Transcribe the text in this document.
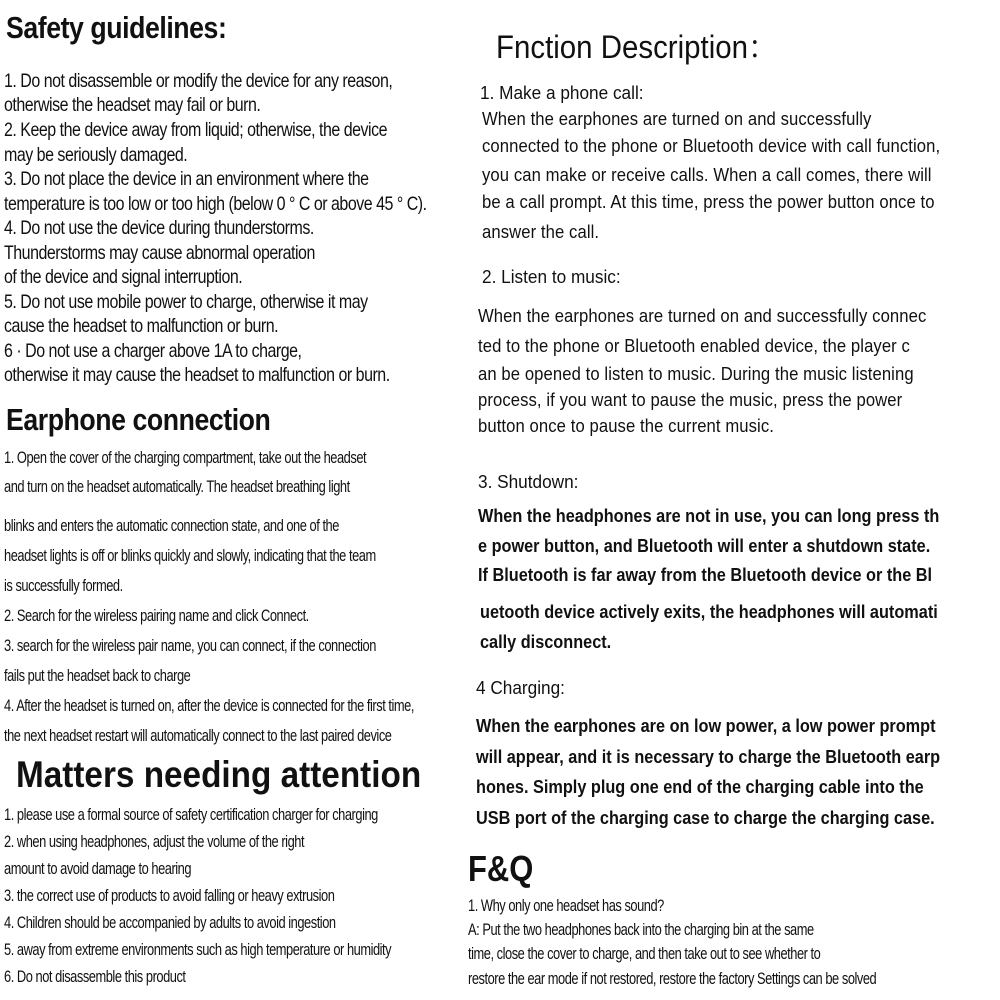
Safety guidelines:
1. Do not disassemble or modify the device for any reason,
otherwise the headset may fail or burn.
2. Keep the device away from liquid; otherwise, the device
may be seriously damaged.
3. Do not place the device in an environment where the
temperature is too low or too high (below 0 ° C or above 45 ° C).
4. Do not use the device during thunderstorms.
Thunderstorms may cause abnormal operation
of the device and signal interruption.
5. Do not use mobile power to charge, otherwise it may
cause the headset to malfunction or burn.
6 · Do not use a charger above 1A to charge,
otherwise it may cause the headset to malfunction or burn.
Earphone connection
1. Open the cover of the charging compartment, take out the headset
and turn on the headset automatically. The headset breathing light
blinks and enters the automatic connection state, and one of the
headset lights is off or blinks quickly and slowly, indicating that the team
is successfully formed.
2. Search for the wireless pairing name and click Connect.
3. search for the wireless pair name, you can connect, if the connection
fails put the headset back to charge
4. After the headset is turned on, after the device is connected for the first time,
the next headset restart will automatically connect to the last paired device
Matters needing attention
1. please use a formal source of safety certification charger for charging
2. when using headphones, adjust the volume of the right
amount to avoid damage to hearing
3. the correct use of products to avoid falling or heavy extrusion
4. Children should be accompanied by adults to avoid ingestion
5. away from extreme environments such as high temperature or humidity
6. Do not disassemble this product
Fnction Description：
1. Make a phone call:
When the earphones are turned on and successfully
connected to the phone or Bluetooth device with call function,
you can make or receive calls. When a call comes, there will
be a call prompt. At this time, press the power button once to
answer the call.
2. Listen to music:
When the earphones are turned on and successfully connec
ted to the phone or Bluetooth enabled device, the player c
an be opened to listen to music. During the music listening
process, if you want to pause the music, press the power
button once to pause the current music.
3. Shutdown:
When the headphones are not in use, you can long press th
e power button, and Bluetooth will enter a shutdown state.
If Bluetooth is far away from the Bluetooth device or the Bl
uetooth device actively exits, the headphones will automati
cally disconnect.
4 Charging:
When the earphones are on low power, a low power prompt
will appear, and it is necessary to charge the Bluetooth earp
hones. Simply plug one end of the charging cable into the
USB port of the charging case to charge the charging case.
F&Q
1. Why only one headset has sound?
A: Put the two headphones back into the charging bin at the same
time, close the cover to charge, and then take out to see whether to
restore the ear mode if not restored, restore the factory Settings can be solved
